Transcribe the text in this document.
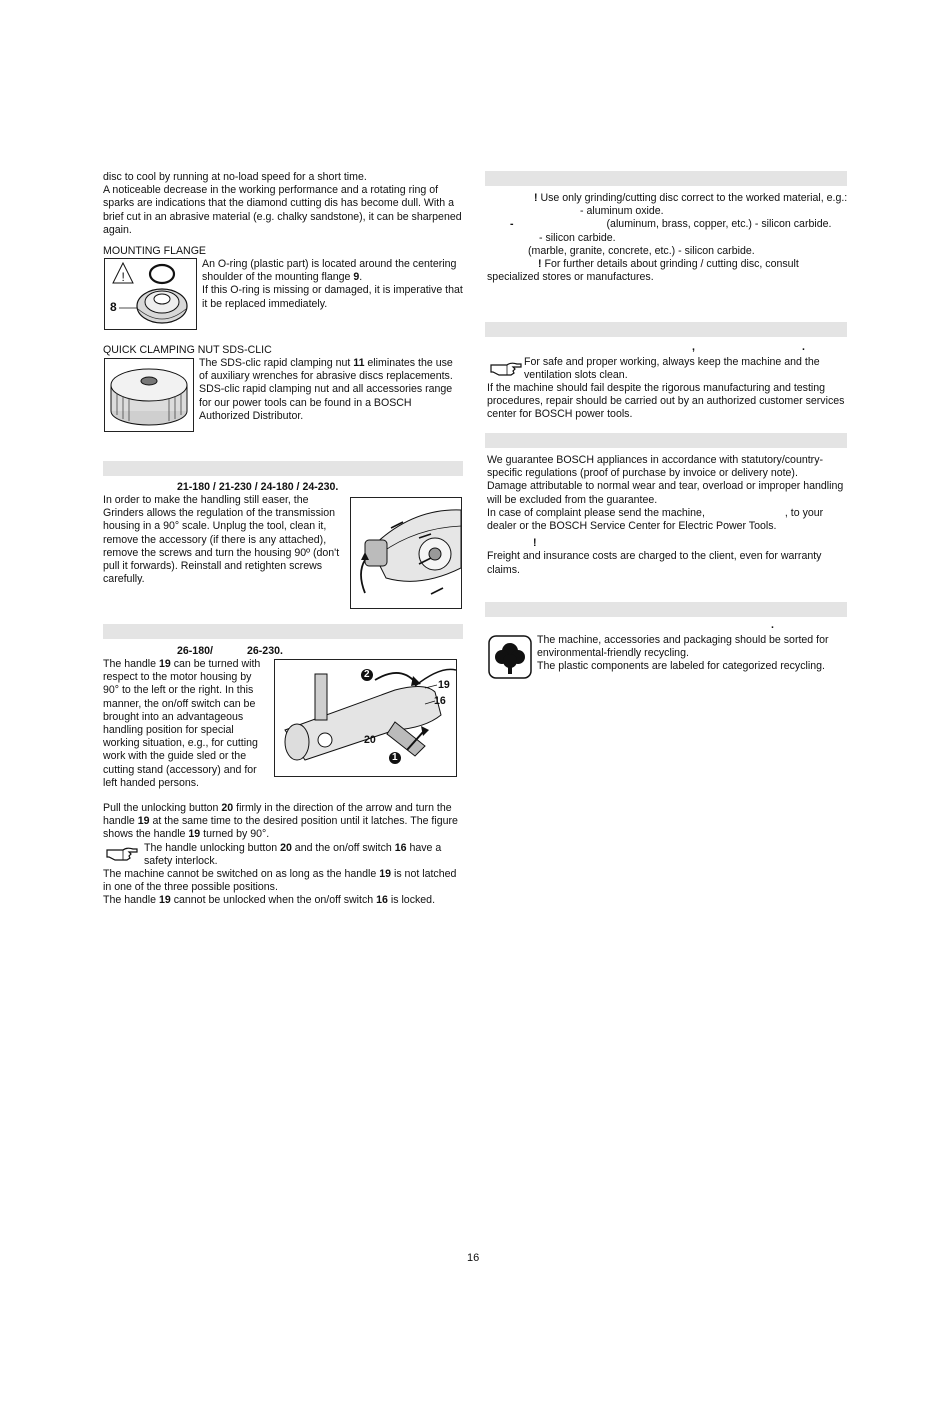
disc to cool by running at no-load speed for a short time.

A noticeable decrease in the working performance and a rotating ring of sparks are indications that the diamond cutting dis has become dull. With a brief cut in an abrasive material (e.g. chalky sandstone), it can be sharpened again.

MOUNTING FLANGE
!
8

An O-ring (plastic part) is located around the centering shoulder of the mounting flange 9.

If this O-ring is missing or damaged, it is imperative that it be replaced immediately.

QUICK CLAMPING NUT SDS-CLIC

The SDS-clic rapid clamping nut 11 eliminates the use of auxiliary wrenches for abrasive discs replacements.

SDS-clic rapid clamping nut and all accessories range for our power tools can be found in a BOSCH Authorized Distributor.

21-180 / 21-230 / 24-180 / 24-230.
In order to make the handling still easer, the Grinders allows the regulation of the transmission housing in a 90° scale. Unplug the tool, clean it, remove the accessory (if there is any attached), remove the screws and turn the housing 90º (don't pull it forwards). Reinstall and retighten screws carefully.
26-180/	26-230.
The handle 19 can be turned with respect to the motor housing by 90° to the left or the right. In this manner, the on/off switch can be brought into an advantageous handling position for special working situation, e.g., for cutting work with the guide sled or the cutting stand (accessory) and for left handed persons.
2
19
16
20
1

Pull the unlocking button 20 firmly in the direction of the arrow and turn the handle 19 at the same time to the desired position until it latches. The figure shows the handle 19 turned by 90°.

The handle unlocking button 20 and the on/off switch 16 have a safety interlock.

The machine cannot be switched on as long as the handle 19 is not latched in one of the three possible positions.

The handle 19 cannot be unlocked when the on/off switch 16 is locked.

! Use only grinding/cutting disc correct to the worked material, e.g.:

- aluminum oxide.

-	(aluminum, brass, copper, etc.) - silicon carbide.

- silicon carbide.

(marble, granite, concrete, etc.) - silicon carbide.

! For further details about grinding / cutting disc, consult specialized stores or manufactures.

,	.
For safe and proper working, always keep the machine and the ventilation slots clean.
If the machine should fail despite the rigorous manufacturing and testing procedures, repair should be carried out by an authorized customer services center for BOSCH power tools.

We guarantee BOSCH appliances in accordance with statutory/country-specific regulations (proof of purchase by invoice or delivery note).

Damage attributable to normal wear and tear, overload or improper handling will be excluded from the guarantee.

In case of complaint please send the machine,	, to your dealer or the BOSCH Service Center for Electric Power Tools.

!

Freight and insurance costs are charged to the client, even for warranty claims.

.

The machine, accessories and packaging should be sorted for environmental-friendly recycling.

The plastic components are labeled for categorized recycling.

16
